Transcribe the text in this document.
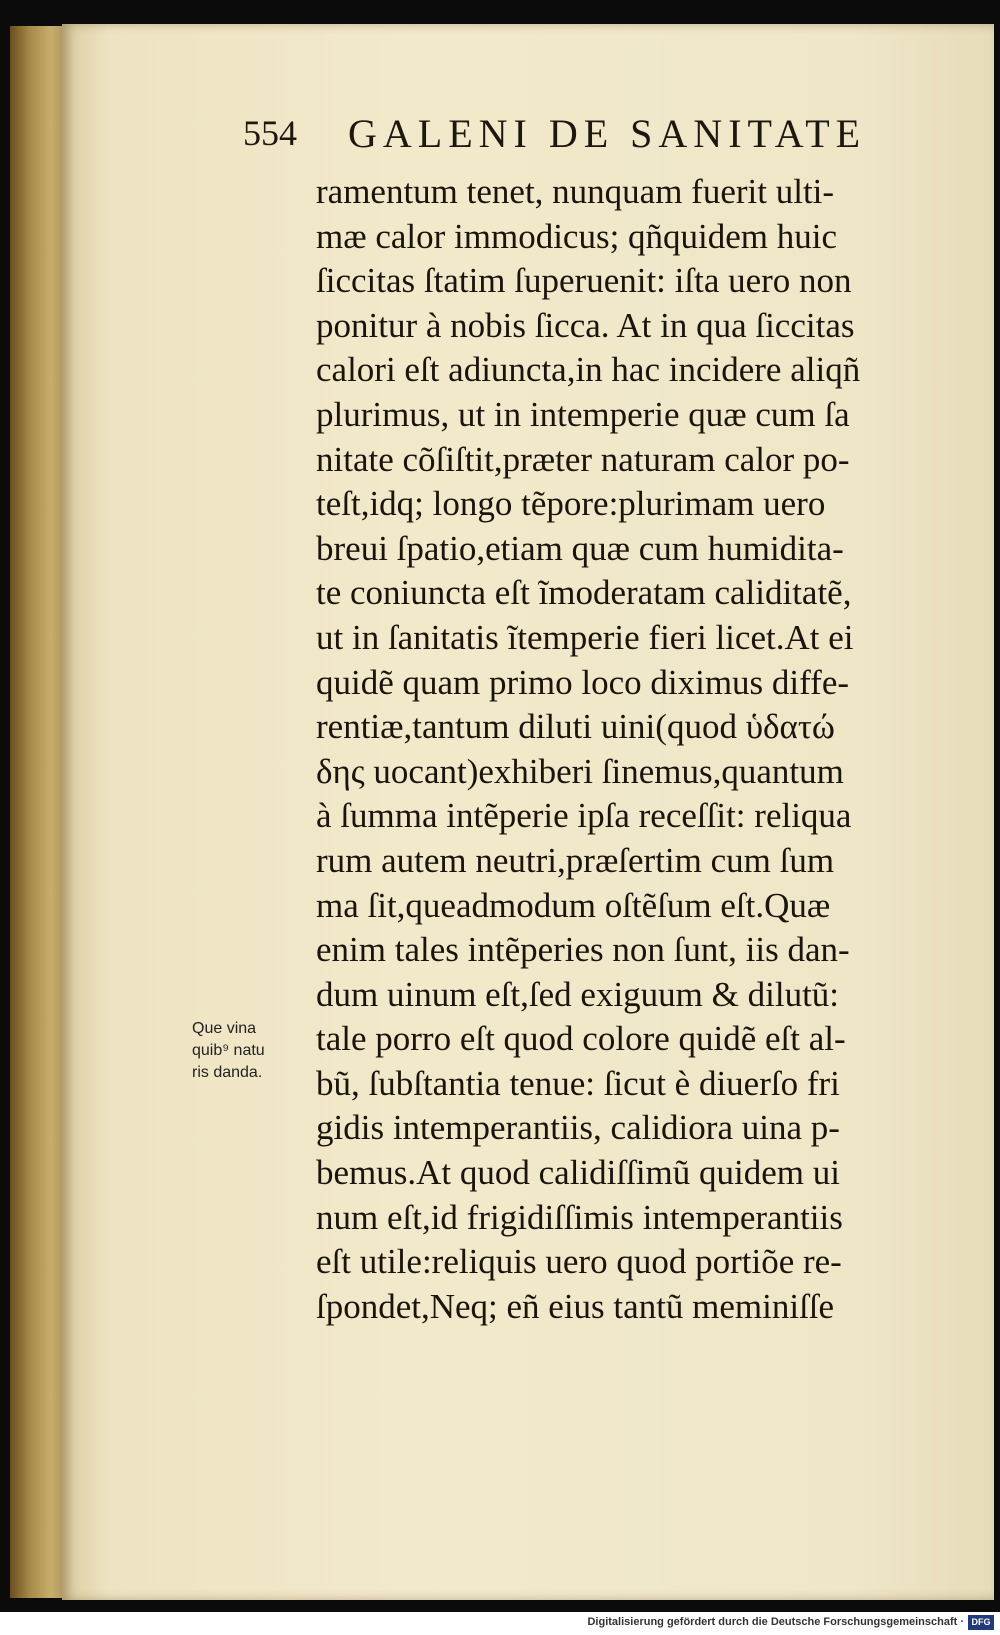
554 GALENI DE SANITATE
ramentum tenet, nunquam fuerit ulti-
mæ calor immodicus; qñquidem huic
ſiccitas ſtatim ſuperuenit: iſta uero non
ponitur à nobis ſicca. At in qua ſiccitas
calori eſt adiuncta,in hac incidere aliqñ
plurimus, ut in intemperie quæ cum ſa
nitate cõſiſtit,præter naturam calor po-
teſt,idq; longo tẽpore:plurimam uero
breui ſpatio,etiam quæ cum humidita-
te coniuncta eſt ĩmoderatam caliditatẽ,
ut in ſanitatis ĩtemperie fieri licet.At ei
quidẽ quam primo loco diximus diffe-
rentiæ,tantum diluti uini(quod ὑδατώ
δης uocant)exhiberi ſinemus,quantum
à ſumma intẽperie ipſa receſſit: reliqua
rum autem neutri,præſertim cum ſum
ma ſit,queadmodum oſtẽſum eſt.Quæ
enim tales intẽperies non ſunt, iis dan-
dum uinum eſt,ſed exiguum & dilutũ:
tale porro eſt quod colore quidẽ eſt al-
bũ, ſubſtantia tenue: ſicut è diuerſo fri
gidis intemperantiis, calidiora uina p-
bemus.At quod calidiſſimũ quidem ui
num eſt,id frigidiſſimis intemperantiis
eſt utile:reliquis uero quod portiõe re-
ſpondet,Neq; eñ eius tantũ meminiſſe
Que vina
quib⁹ natu
ris danda.
Digitalisierung gefördert durch die Deutsche Forschungsgemeinschaft · DFG
